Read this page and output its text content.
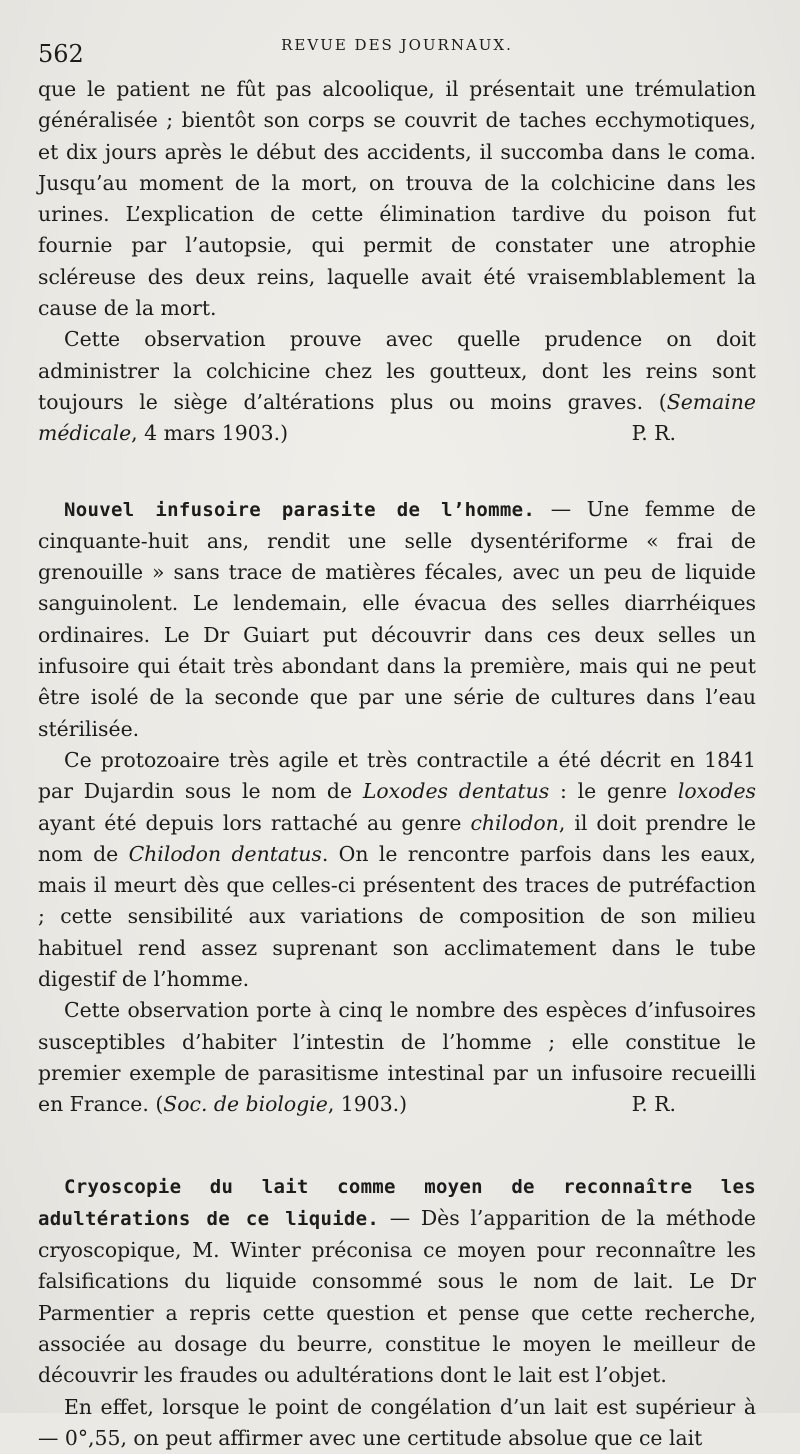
562	REVUE DES JOURNAUX.

que le patient ne fût pas alcoolique, il présentait une trémulation généralisée ; bientôt son corps se couvrit de taches ecchymotiques, et dix jours après le début des accidents, il succomba dans le coma. Jusqu’au moment de la mort, on trouva de la colchicine dans les urines. L’explication de cette élimination tardive du poison fut fournie par l’autopsie, qui permit de constater une atrophie scléreuse des deux reins, laquelle avait été vraisemblablement la cause de la mort.

Cette observation prouve avec quelle prudence on doit administrer la colchicine chez les goutteux, dont les reins sont toujours le siège d’altérations plus ou moins graves. (Semaine médicale, 4 mars 1903.)	P. R.

Nouvel infusoire parasite de l’homme. — Une femme de cinquante-huit ans, rendit une selle dysentériforme « frai de grenouille » sans trace de matières fécales, avec un peu de liquide sanguinolent. Le lendemain, elle évacua des selles diarrhéiques ordinaires. Le Dr Guiart put découvrir dans ces deux selles un infusoire qui était très abondant dans la première, mais qui ne peut être isolé de la seconde que par une série de cultures dans l’eau stérilisée.

Ce protozoaire très agile et très contractile a été décrit en 1841 par Dujardin sous le nom de Loxodes dentatus : le genre loxodes ayant été depuis lors rattaché au genre chilodon, il doit prendre le nom de Chilodon dentatus. On le rencontre parfois dans les eaux, mais il meurt dès que celles-ci présentent des traces de putréfaction ; cette sensibilité aux variations de composition de son milieu habituel rend assez suprenant son acclimatement dans le tube digestif de l’homme.

Cette observation porte à cinq le nombre des espèces d’infusoires susceptibles d’habiter l’intestin de l’homme ; elle constitue le premier exemple de parasitisme intestinal par un infusoire recueilli en France. (Soc. de biologie, 1903.)	P. R.

Cryoscopie du lait comme moyen de reconnaître les adultérations de ce liquide. — Dès l’apparition de la méthode cryoscopique, M. Winter préconisa ce moyen pour reconnaître les falsifications du liquide consommé sous le nom de lait. Le Dr Parmentier a repris cette question et pense que cette recherche, associée au dosage du beurre, constitue le moyen le meilleur de découvrir les fraudes ou adultérations dont le lait est l’objet.

En effet, lorsque le point de congélation d’un lait est supérieur à — 0°,55, on peut affirmer avec une certitude absolue que ce lait
